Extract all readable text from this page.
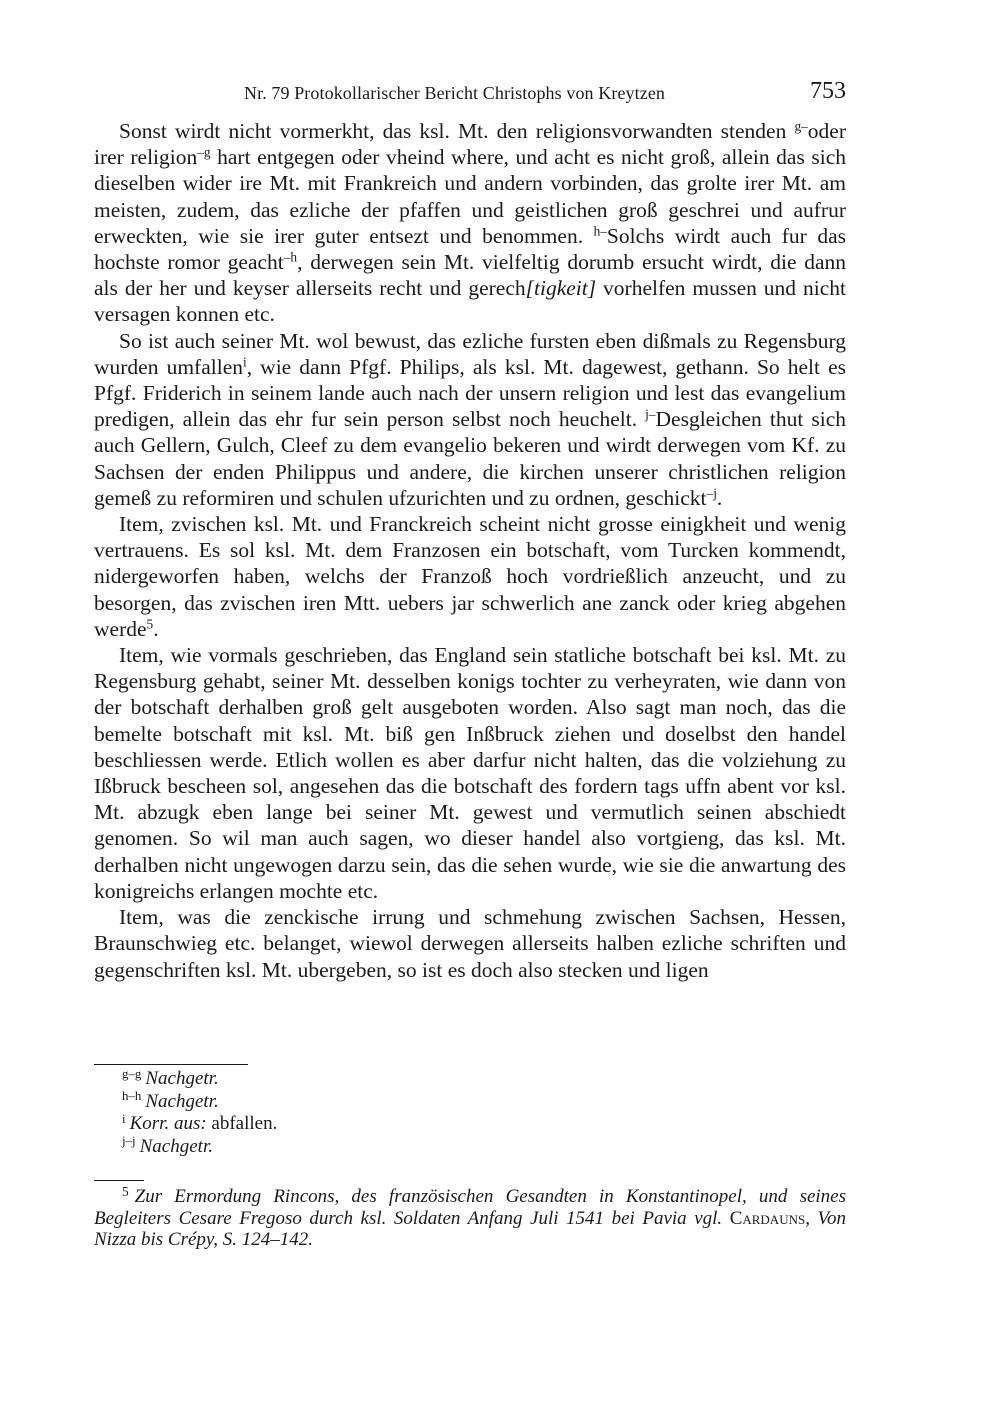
Nr. 79 Protokollarischer Bericht Christophs von Kreytzen	753

Sonst wirdt nicht vormerkht, das ksl. Mt. den religionsvorwandten stenden $^{g-}$oder irer religion$^{-g}$ hart entgegen oder vheind where, und acht es nicht groß, allein das sich dieselben wider ire Mt. mit Frankreich und andern vorbinden, das grolte irer Mt. am meisten, zudem, das ezliche der pfaffen und geistlichen groß geschrei und aufrur erweckten, wie sie irer guter entsezt und benommen. $^{h-}$Solchs wirdt auch fur das hochste romor geacht$^{-h}$, derwegen sein Mt. vielfeltig dorumb ersucht wirdt, die dann als der her und keyser allerseits recht und gerech[tigkeit] vorhelfen mussen und nicht versagen konnen etc.

So ist auch seiner Mt. wol bewust, das ezliche fursten eben dißmals zu Regensburg wurden umfallen$^i$, wie dann Pfgf. Philips, als ksl. Mt. dagewest, gethann. So helt es Pfgf. Friderich in seinem lande auch nach der unsern religion und lest das evangelium predigen, allein das ehr fur sein person selbst noch heuchelt. $^{j-}$Desgleichen thut sich auch Gellern, Gulch, Cleef zu dem evangelio bekeren und wirdt derwegen vom Kf. zu Sachsen der enden Philippus und andere, die kirchen unserer christlichen religion gemeß zu reformiren und schulen ufzurichten und zu ordnen, geschickt$^{-j}$.

Item, zvischen ksl. Mt. und Franckreich scheint nicht grosse einigkheit und wenig vertrauens. Es sol ksl. Mt. dem Franzosen ein botschaft, vom Turcken kommendt, nidergeworfen haben, welchs der Franzoß hoch vordrießlich anzeucht, und zu besorgen, das zvischen iren Mtt. uebers jar schwerlich ane zanck oder krieg abgehen werde$^5$.

Item, wie vormals geschrieben, das England sein statliche botschaft bei ksl. Mt. zu Regensburg gehabt, seiner Mt. desselben konigs tochter zu verheyraten, wie dann von der botschaft derhalben groß gelt ausgeboten worden. Also sagt man noch, das die bemelte botschaft mit ksl. Mt. biß gen Inßbruck ziehen und doselbst den handel beschliessen werde. Etlich wollen es aber darfur nicht halten, das die volziehung zu Ißbruck bescheen sol, angesehen das die botschaft des fordern tags uffn abent vor ksl. Mt. abzugk eben lange bei seiner Mt. gewest und vermutlich seinen abschiedt genomen. So wil man auch sagen, wo dieser handel also vortgieng, das ksl. Mt. derhalben nicht ungewogen darzu sein, das die sehen wurde, wie sie die anwartung des konigreichs erlangen mochte etc.

Item, was die zenckische irrung und schmehung zwischen Sachsen, Hessen, Braunschwieg etc. belanget, wiewol derwegen allerseits halben ezliche schriften und gegenschriften ksl. Mt. ubergeben, so ist es doch also stecken und ligen

$^{g-g}$ Nachgetr.
$^{h-h}$ Nachgetr.
$^i$ Korr. aus: abfallen.
$^{j-j}$ Nachgetr.
$^5$ Zur Ermordung Rincons, des französischen Gesandten in Konstantinopel, und seines Begleiters Cesare Fregoso durch ksl. Soldaten Anfang Juli 1541 bei Pavia vgl. Cardauns, Von Nizza bis Crépy, S. 124–142.
